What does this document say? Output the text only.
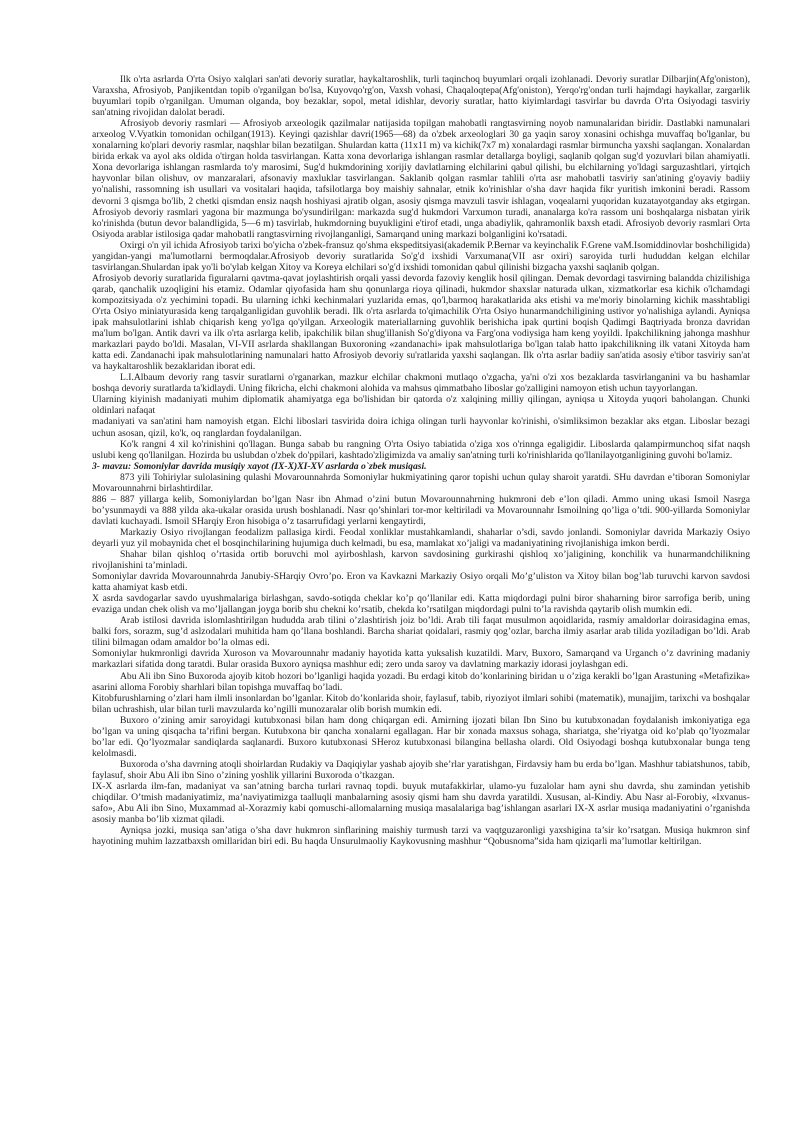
Ilk o'rta asrlarda O'rta Osiyo xalqlari san'ati devoriy suratlar, haykaltaroshlik, turli taqinchoq buyumlari orqali izohlanadi. Devoriy suratlar Dilbarjin(Afg'oniston), Varaxsha, Afrosiyob, Panjikentdan topib o'rganilgan bo'lsa, Kuyovqo'rg'on, Vaxsh vohasi, Chaqaloqtepa(Afg'oniston), Yerqo'rg'ondan turli hajmdagi haykallar, zargarlik buyumlari topib o'rganilgan. Umuman olganda, boy bezaklar, sopol, metal idishlar, devoriy suratlar, hatto kiyimlardagi tasvirlar bu davrda O'rta Osiyodagi tasviriy san'atning rivojidan dalolat beradi.

Afrosiyob devoriy rasmlari — Afrosiyob arxeologik qazilmalar natijasida topilgan mahobatli rangtasvirning noyob namunalaridan biridir. Dastlabki namunalari arxeolog V.Vyatkin tomonidan ochilgan(1913). Keyingi qazishlar davri(1965—68) da o'zbek arxeologlari 30 ga yaqin saroy xonasini ochishga muvaffaq bo'lganlar, bu xonalarning ko'plari devoriy rasmlar, naqshlar bilan bezatilgan. Shulardan katta (11x11 m) va kichik(7x7 m) xonalardagi rasmlar birmuncha yaxshi saqlangan. Xonalardan birida erkak va ayol aks oldida o'tirgan holda tasvirlangan. Katta xona devorlariga ishlangan rasmlar detallarga boyligi, saqlanib qolgan sug'd yozuvlari bilan ahamiyatli. Xona devorlariga ishlangan rasmlarda to'y marosimi, Sug'd hukmdorining xorijiy davlatlarning elchilarini qabul qilishi, bu elchilarning yo'ldagi sarguzashtlari, yirtqich hayvonlar bilan olishuv, ov manzaralari, afsonaviy maxluklar tasvirlangan. Saklanib qolgan rasmlar tahlili o'rta asr mahobatli tasviriy san'atining g'oyaviy badiiy yo'nalishi, rassomning ish usullari va vositalari haqida, tafsilotlarga boy maishiy sahnalar, etnik ko'rinishlar o'sha davr haqida fikr yuritish imkonini beradi. Rassom devorni 3 qismga bo'lib, 2 chetki qismdan ensiz naqsh hoshiyasi ajratib olgan, asosiy qismga mavzuli tasvir ishlagan, voqealarni yuqoridan kuzatayotganday aks etgirgan. Afrosiyob devoriy rasmlari yagona bir mazmunga bo'ysundirilgan: markazda sug'd hukmdori Varxumon turadi, ananalarga ko'ra rassom uni boshqalarga nisbatan yirik ko'rinishda (butun devor balandligida, 5—6 m) tasvirlab, hukmdorning buyukligini e'tirof etadi, unga abadiylik, qahramonlik baxsh etadi. Afrosiyob devoriy rasmlari Orta Osiyoda arablar istilosiga qadar mahobatli rangtasvirning rivojlanganligi, Samarqand uning markazi bolganligini ko'rsatadi.

Oxirgi o'n yil ichida Afrosiyob tarixi bo'yicha o'zbek-fransuz qo'shma ekspeditsiyasi(akademik P.Bernar va keyinchalik F.Grene vaM.Isomiddinovlar boshchiligida) yangidan-yangi ma'lumotlarni bermoqdalar.Afrosiyob devoriy suratlarida So'g'd ixshidi Varxumana(VII asr oxiri) saroyida turli hududdan kelgan elchilar tasvirlangan.Shulardan ipak yo'li bo'ylab kelgan Xitoy va Koreya elchilari so'g'd ixshidi tomonidan qabul qilinishi bizgacha yaxshi saqlanib qolgan.

Afrosiyob devoriy suratlarida figuralarni qavtma-qavat joylashtirish orqali yassi devorda fazoviy kenglik hosil qilingan. Demak devordagi tasvirning balandda chizilishiga qarab, qanchalik uzoqligini his etamiz. Odamlar qiyofasida ham shu qonunlarga rioya qilinadi, hukmdor shaxslar naturada ulkan, xizmatkorlar esa kichik o'lchamdagi kompozitsiyada o'z yechimini topadi. Bu ularning ichki kechinmalari yuzlarida emas, qo'l,barmoq harakatlarida aks etishi va me'moriy binolarning kichik masshtabligi O'rta Osiyo miniatyurasida keng tarqalganligidan guvohlik beradi. Ilk o'rta asrlarda to'qimachilik O'rta Osiyo hunarmandchiligining ustivor yo'nalishiga aylandi. Ayniqsa ipak mahsulotlarini ishlab chiqarish keng yo'lga qo'yilgan. Arxeologik materiallarning guvohlik berishicha ipak qurtini boqish Qadimgi Baqtriyada bronza davridan ma'lum bo'lgan. Antik davri va ilk o'rta asrlarga kelib, ipakchilik bilan shug'illanish So'g'diyona va Farg'ona vodiysiga ham keng yoyildi. Ipakchilikning jahonga mashhur markazlari paydo bo'ldi. Masalan, VI-VII asrlarda shakllangan Buxoroning «zandanachi» ipak mahsulotlariga bo'lgan talab hatto ipakchilikning ilk vatani Xitoyda ham katta edi. Zandanachi ipak mahsulotlarining namunalari hatto Afrosiyob devoriy su'ratlarida yaxshi saqlangan. Ilk o'rta asrlar badiiy san'atida asosiy e'tibor tasviriy san'at va haykaltaroshlik bezaklaridan iborat edi.

L.I.Albaum devoriy rang tasvir suratlarni o'rganarkan, mazkur elchilar chakmoni mutlaqo o'zgacha, ya'ni o'zi xos bezaklarda tasvirlanganini va bu hashamlar boshqa devoriy suratlarda ta'kidlaydi. Uning fikricha, elchi chakmoni alohida va mahsus qimmatbaho liboslar go'zalligini namoyon etish uchun tayyorlangan.

Ularning kiyinish madaniyati muhim diplomatik ahamiyatga ega bo'lishidan bir qatorda o'z xalqining milliy qilingan, ayniqsa u Xitoyda yuqori baholangan. Chunki oldinlari nafaqat

madaniyati va san'atini ham namoyish etgan. Elchi liboslari tasvirida doira ichiga olingan turli hayvonlar ko'rinishi, o'simliksimon bezaklar aks etgan. Liboslar bezagi uchun asosan, qizil, ko'k, oq ranglardan foydalanilgan.

Ko'k rangni 4 xil ko'rinishini qo'llagan. Bunga sabab bu rangning O'rta Osiyo tabiatida o'ziga xos o'rinnga egaligidir. Liboslarda qalampirmunchoq sifat naqsh uslubi keng qo'llanilgan. Hozirda bu uslubdan o'zbek do'ppilari, kashtado'zligimizda va amaliy san'atning turli ko'rinishlarida qo'llanilayotganligining guvohi bo'lamiz.

3- mavzu: Somoniylar davrida musiqiy xayot (IX-X)XI-XV asrlarda o`zbek musiqasi.

873 yili Tohiriylar sulolasining qulashi Movarounnahrda Somoniylar hukmiyatining qaror topishi uchun qulay sharoit yaratdi. SHu davrdan e’tiboran Somoniylar Movarounnahrni birlashtirdilar.

886 – 887 yillarga kelib, Somoniylardan bo’lgan Nasr ibn Ahmad o’zini butun Movarounnahrning hukmroni deb e’lon qiladi. Ammo uning ukasi Ismoil Nasrga bo’ysunmaydi va 888 yilda aka-ukalar orasida urush boshlanadi. Nasr qo’shinlari tor-mor keltiriladi va Movarounnahr Ismoilning qo’liga o’tdi. 900-yillarda Somoniylar davlati kuchayadi. Ismoil SHarqiy Eron hisobiga o’z tasarrufidagi yerlarni kengaytirdi,

Markaziy Osiyo rivojlangan feodalizm pallasiga kirdi. Feodal xonliklar mustahkamlandi, shaharlar o’sdi, savdo jonlandi. Somoniylar davrida Markaziy Osiyo deyarli yuz yil mobaynida chet el bosqinchilarining hujumiga duch kelmadi, bu esa, mamlakat xo’jaligi va madaniyatining rivojlanishiga imkon berdi.

Shahar bilan qishloq o’rtasida ortib boruvchi mol ayirboshlash, karvon savdosining gurkirashi qishloq xo’jaligining, konchilik va hunarmandchilikning rivojlanishini ta’minladi.

Somoniylar davrida Movarounnahrda Janubiy-SHarqiy Ovro’po. Eron va Kavkazni Markaziy Osiyo orqali Mo’g’uliston va Xitoy bilan bog’lab turuvchi karvon savdosi katta ahamiyat kasb etdi.

X asrda savdogarlar savdo uyushmalariga birlashgan, savdo-sotiqda cheklar ko’p qo’llanilar edi. Katta miqdordagi pulni biror shaharning biror sarrofiga berib, uning evaziga undan chek olish va mo’ljallangan joyga borib shu chekni ko’rsatib, chekda ko’rsatilgan miqdordagi pulni to’la ravishda qaytarib olish mumkin edi.

Arab istilosi davrida islomlashtirilgan hududda arab tilini o’zlashtirish joiz bo’ldi. Arab tili faqat musulmon aqoidlarida, rasmiy amaldorlar doirasidagina emas, balki fors, sorazm, sug’d aslzodalari muhitida ham qo’llana boshlandi. Barcha shariat qoidalari, rasmiy qog’ozlar, barcha ilmiy asarlar arab tilida yoziladigan bo’ldi. Arab tilini bilmagan odam amaldor bo’la olmas edi.

Somoniylar hukmronligi davrida Xuroson va Movarounnahr madaniy hayotida katta yuksalish kuzatildi. Marv, Buxoro, Samarqand va Urganch o’z davrining madaniy markazlari sifatida dong taratdi. Bular orasida Buxoro ayniqsa mashhur edi; zero unda saroy va davlatning markaziy idorasi joylashgan edi.

Abu Ali ibn Sino Buxoroda ajoyib kitob hozori bo’lganligi haqida yozadi. Bu erdagi kitob do’konlarining biridan u o’ziga kerakli bo’lgan Arastuning «Metafizika» asarini alloma Forobiy sharhlari bilan topishga muvaffaq bo’ladi.

Kitobfurushlarning o’zlari ham ilmli insonlardan bo’lganlar. Kitob do’konlarida shoir, faylasuf, tabib, riyoziyot ilmlari sohibi (matematik), munajjim, tarixchi va boshqalar bilan uchrashish, ular bilan turli mavzularda ko’ngilli munozaralar olib borish mumkin edi.

Buxoro o’zining amir saroyidagi kutubxonasi bilan ham dong chiqargan edi. Amirning ijozati bilan Ibn Sino bu kutubxonadan foydalanish imkoniyatiga ega bo’lgan va uning qisqacha ta’rifini bergan. Kutubxona bir qancha xonalarni egallagan. Har bir xonada maxsus sohaga, shariatga, she’riyatga oid ko’plab qo’lyozmalar bo’lar edi. Qo’lyozmalar sandiqlarda saqlanardi. Buxoro kutubxonasi SHeroz kutubxonasi bilangina bellasha olardi. Old Osiyodagi boshqa kutubxonalar bunga teng kelolmasdi.

Buxoroda o’sha davrning atoqli shoirlardan Rudakiy va Daqiqiylar yashab ajoyib she’rlar yaratishgan, Firdavsiy ham bu erda bo’lgan. Mashhur tabiatshunos, tabib, faylasuf, shoir Abu Ali ibn Sino o’zining yoshlik yillarini Buxoroda o’tkazgan.

IX-X asrlarda ilm-fan, madaniyat va san’atning barcha turlari ravnaq topdi. buyuk mutafakkirlar, ulamo-yu fuzalolar ham ayni shu davrda, shu zamindan yetishib chiqdilar. O’tmish madaniyatimiz, ma’naviyatimizga taalluqli manbalarning asosiy qismi ham shu davrda yaratildi. Xususan, al-Kindiy. Abu Nasr al-Forobiy, «Ixvanus-safo», Abu Ali ibn Sino, Muxammad al-Xorazmiy kabi qomuschi-allomalarning musiqa masalalariga bag’ishlangan asarlari IX-X asrlar musiqa madaniyatini o’rganishda asosiy manba bo’lib xizmat qiladi.

Ayniqsa jozki, musiqa san’atiga o’sha davr hukmron sinflarining maishiy turmush tarzi va vaqtguzaronligi yaxshigina ta’sir ko’rsatgan. Musiqa hukmron sinf hayotining muhim lazzatbaxsh omillaridan biri edi. Bu haqda Unsurulmaoliy Kaykovusning mashhur “Qobusnoma”sida ham qiziqarli ma’lumotlar keltirilgan.
